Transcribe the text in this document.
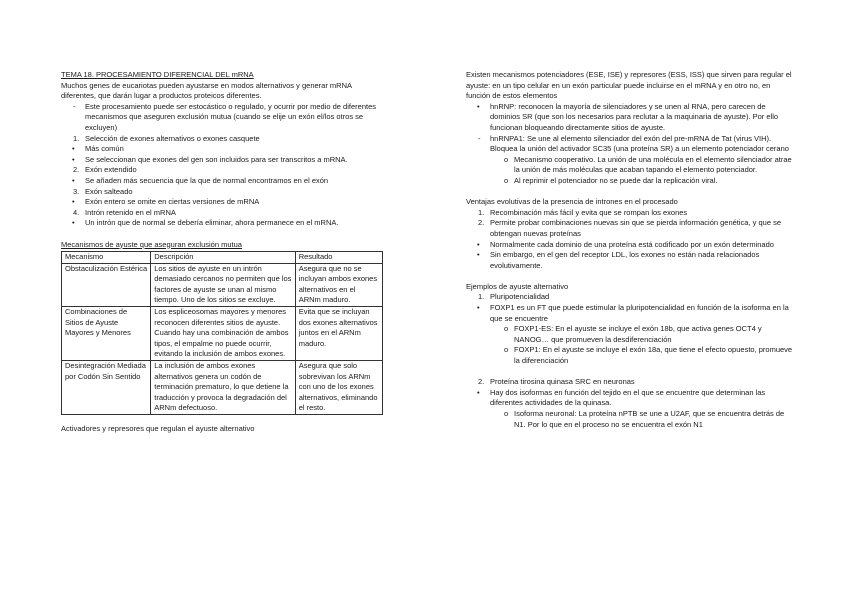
TEMA 18. PROCESAMIENTO DIFERENCIAL DEL mRNA

Muchos genes de eucariotas pueden ayustarse en modos alternativos y generar mRNA diferentes, que darán lugar a productos proteicos diferentes.

- Este procesamiento puede ser estocástico o regulado, y ocurrir por medio de diferentes mecanismos que aseguren exclusión mutua (cuando se elije un exón el/los otros se excluyen)
1. Selección de exones alternativos o exones casquete
• Más común
• Se seleccionan que exones del gen son incluidos para ser transcritos a mRNA.
2. Exón extendido
• Se añaden más secuencia que la que de normal encontramos en el exón
3. Exón salteado
• Exón entero se omite en ciertas versiones de mRNA
4. Intrón retenido en el mRNA
• Un intrón que de normal se debería eliminar, ahora permanece en el mRNA.

Mecanismos de ayuste que aseguran exclusión mutua

Mecanismo	Descripción	Resultado
Obstaculización Estérica	Los sitios de ayuste en un intrón demasiado cercanos no permiten que los factores de ayuste se unan al mismo tiempo. Uno de los sitios se excluye.	Asegura que no se incluyan ambos exones alternativos en el ARNm maduro.
Combinaciones de Sitios de Ayuste Mayores y Menores	Los espliceosomas mayores y menores reconocen diferentes sitios de ayuste. Cuando hay una combinación de ambos tipos, el empalme no puede ocurrir, evitando la inclusión de ambos exones.	Evita que se incluyan dos exones alternativos juntos en el ARNm maduro.
Desintegración Mediada por Codón Sin Sentido	La inclusión de ambos exones alternativos genera un codón de terminación prematuro, lo que detiene la traducción y provoca la degradación del ARNm defectuoso.	Asegura que solo sobrevivan los ARNm con uno de los exones alternativos, eliminando el resto.

Activadores y represores que regulan el ayuste alternativo

Existen mecanismos potenciadores (ESE, ISE) y represores (ESS, ISS) que sirven para regular el ayuste: en un tipo celular en un exón particular puede incluirse en el mRNA y en otro no, en función de estos elementos

• hnRNP: reconocen la mayoría de silenciadores y se unen al RNA, pero carecen de dominios SR (que son los necesarios para reclutar a la maquinaria de ayuste). Por ello funcionan bloqueando directamente sitios de ayuste.
- hnRNPA1: Se une al elemento silenciador del exón del pre-mRNA de Tat (virus VIH). Bloquea la unión del activador SC35 (una proteína SR) a un elemento potenciador cerano
o Mecanismo cooperativo. La unión de una molécula en el elemento silenciador atrae la unión de más moléculas que acaban tapando el elemento potenciador.
o Al reprimir el potenciador no se puede dar la replicación viral.

Ventajas evolutivas de la presencia de intrones en el procesado

1. Recombinación más fácil y evita que se rompan los exones
2. Permite probar combinaciones nuevas sin que se pierda información genética, y que se obtengan nuevas proteínas
• Normalmente cada dominio de una proteína está codificado por un exón determinado
• Sin embargo, en el gen del receptor LDL, los exones no están nada relacionados evolutivamente.

Ejemplos de ayuste alternativo

1. Pluripotencialidad
• FOXP1 es un FT que puede estimular la pluripotencialidad en función de la isoforma en la que se encuentre
o FOXP1-ES: En el ayuste se incluye el exón 18b, que activa genes OCT4 y NANOG… que promueven la desdiferenciación
o FOXP1: En el ayuste se incluye el exón 18a, que tiene el efecto opuesto, promueve la diferenciación
2. Proteína tirosina quinasa SRC en neuronas
• Hay dos isoformas en función del tejido en el que se encuentre que determinan las diferentes actividades de la quinasa.
o Isoforma neuronal: La proteína nPTB se une a U2AF, que se encuentra detrás de N1. Por lo que en el proceso no se encuentra el exón N1
